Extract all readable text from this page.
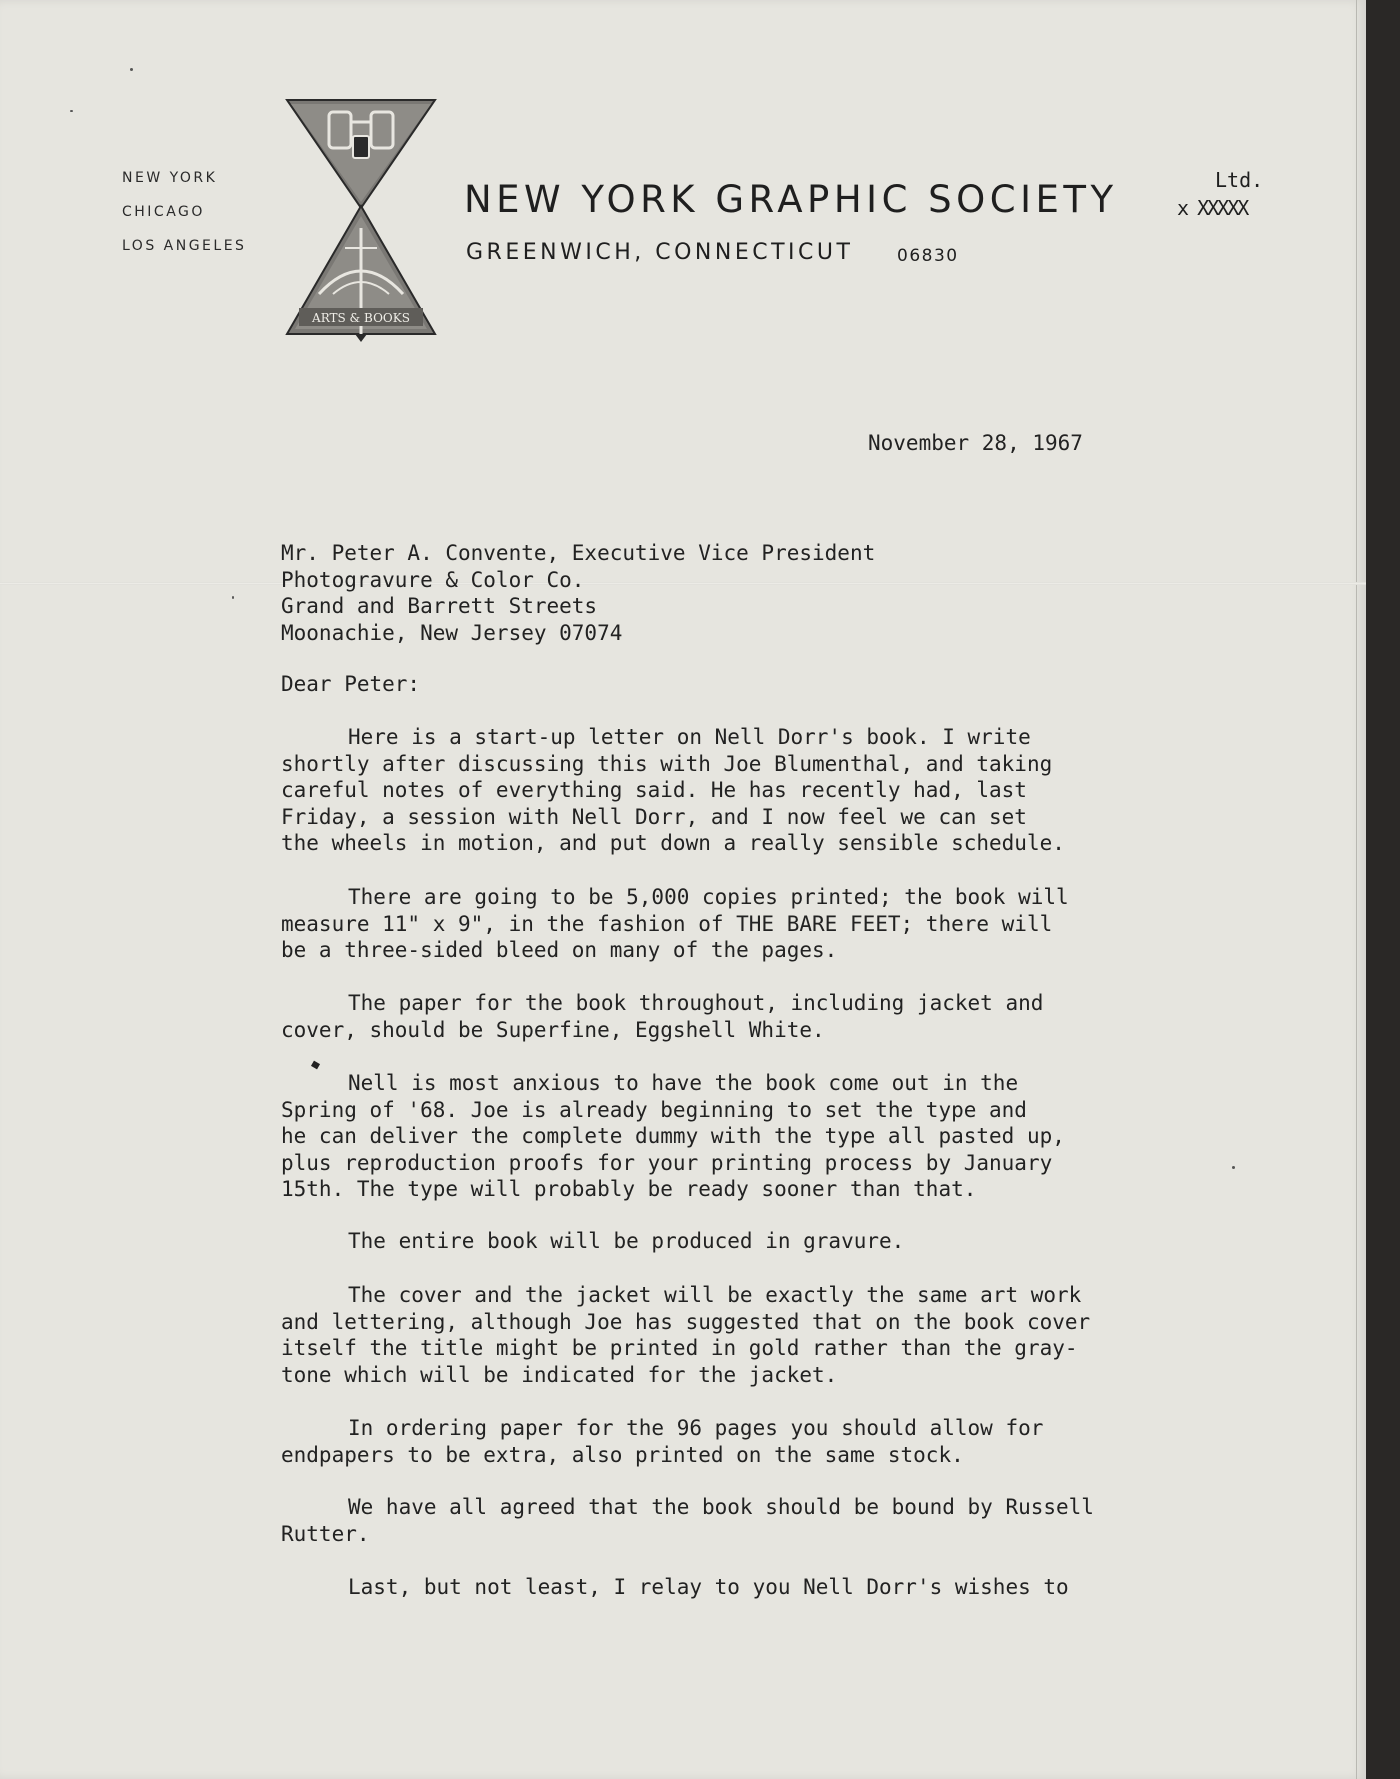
NEW YORK
CHICAGO
LOS ANGELES
ARTS & BOOKS
NEW YORK GRAPHIC SOCIETY	Ltd.
x XXXXX
GREENWICH, CONNECTICUT	06830
November 28, 1967
Mr. Peter A. Convente, Executive Vice President
Photogravure & Color Co.
Grand and Barrett Streets
Moonachie, New Jersey 07074
Dear Peter:
Here is a start-up letter on Nell Dorr's book. I write
shortly after discussing this with Joe Blumenthal, and taking
careful notes of everything said. He has recently had, last
Friday, a session with Nell Dorr, and I now feel we can set
the wheels in motion, and put down a really sensible schedule.
There are going to be 5,000 copies printed; the book will
measure 11" x 9", in the fashion of THE BARE FEET; there will
be a three-sided bleed on many of the pages.
The paper for the book throughout, including jacket and
cover, should be Superfine, Eggshell White.
Nell is most anxious to have the book come out in the
Spring of '68. Joe is already beginning to set the type and
he can deliver the complete dummy with the type all pasted up,
plus reproduction proofs for your printing process by January
15th. The type will probably be ready sooner than that.
The entire book will be produced in gravure.
The cover and the jacket will be exactly the same art work
and lettering, although Joe has suggested that on the book cover
itself the title might be printed in gold rather than the gray-
tone which will be indicated for the jacket.
In ordering paper for the 96 pages you should allow for
endpapers to be extra, also printed on the same stock.
We have all agreed that the book should be bound by Russell
Rutter.
Last, but not least, I relay to you Nell Dorr's wishes to
